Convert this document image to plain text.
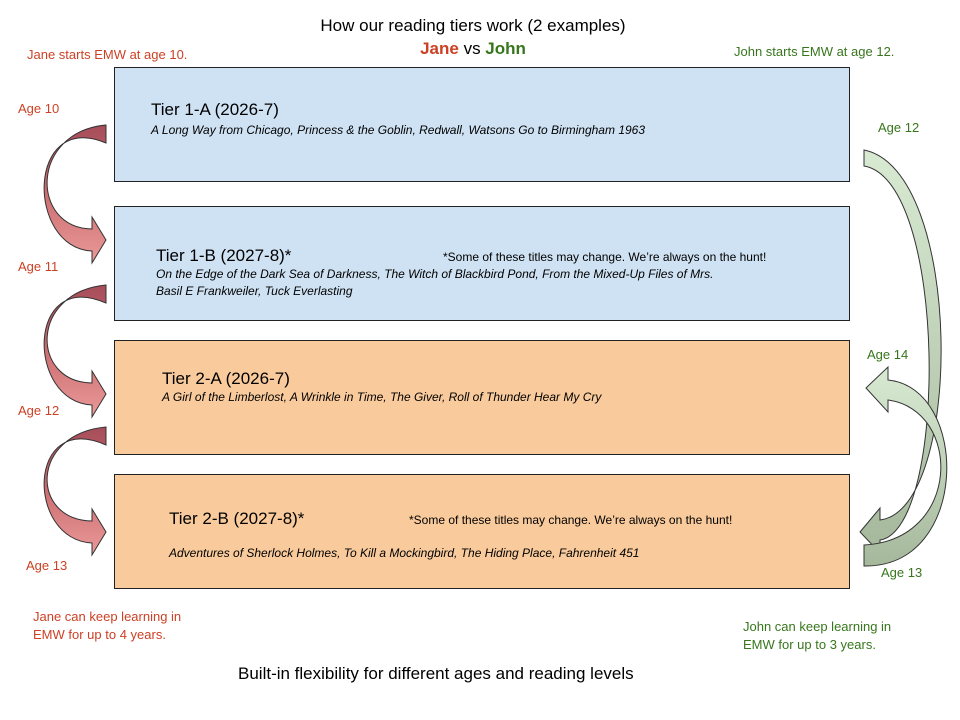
How our reading tiers work (2 examples)
Jane vs John
Jane starts EMW at age 10.	John starts EMW at age 12.
Tier 1-A (2026-7)
A Long Way from Chicago, Princess & the Goblin, Redwall, Watsons Go to Birmingham 1963
Tier 1-B (2027-8)*	*Some of these titles may change. We’re always on the hunt!
On the Edge of the Dark Sea of Darkness, The Witch of Blackbird Pond, From the Mixed-Up Files of Mrs.
Basil E Frankweiler, Tuck Everlasting
Tier 2-A (2026-7)
A Girl of the Limberlost, A Wrinkle in Time, The Giver, Roll of Thunder Hear My Cry
Tier 2-B (2027-8)*	*Some of these titles may change. We’re always on the hunt!
Adventures of Sherlock Holmes, To Kill a Mockingbird, The Hiding Place, Fahrenheit 451
Age 10
Age 11
Age 12
Age 13
Age 12
Age 14
Age 13
Jane can keep learning in
EMW for up to 4 years.
John can keep learning in
EMW for up to 3 years.
Built-in flexibility for different ages and reading levels
